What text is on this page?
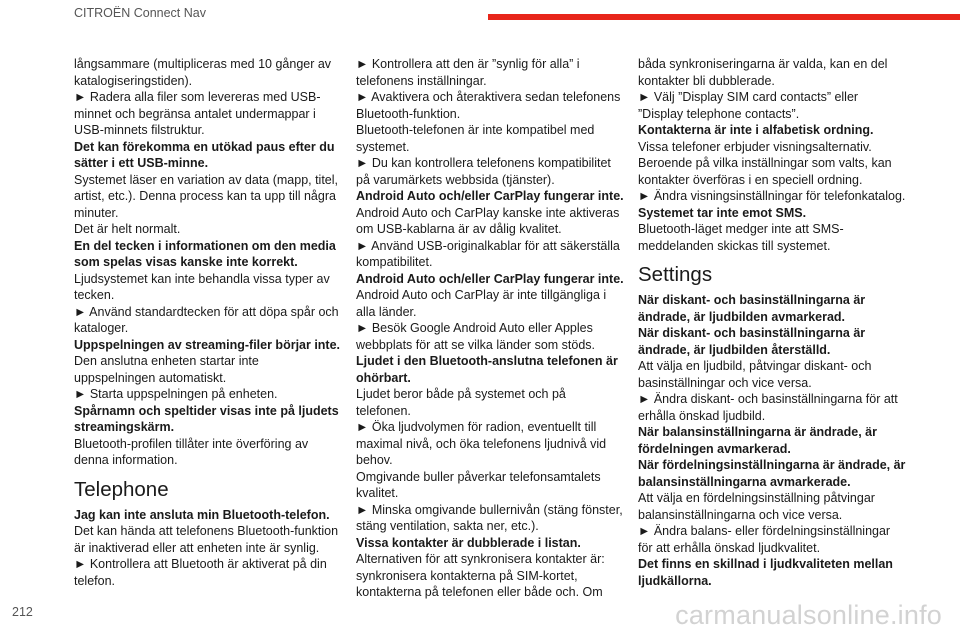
CITROËN Connect Nav

långsammare (multipliceras med 10 gånger av katalogiseringstiden).

► Radera alla filer som levereras med USB-minnet och begränsa antalet undermappar i USB-minnets filstruktur.

Det kan förekomma en utökad paus efter du sätter i ett USB-minne.

Systemet läser en variation av data (mapp, titel, artist, etc.). Denna process kan ta upp till några minuter.

Det är helt normalt.

En del tecken i informationen om den media som spelas visas kanske inte korrekt.

Ljudsystemet kan inte behandla vissa typer av tecken.

► Använd standardtecken för att döpa spår och kataloger.

Uppspelningen av streaming-filer börjar inte.

Den anslutna enheten startar inte uppspelningen automatiskt.

► Starta uppspelningen på enheten.

Spårnamn och speltider visas inte på ljudets streamingskärm.

Bluetooth-profilen tillåter inte överföring av denna information.

Telephone

Jag kan inte ansluta min Bluetooth-telefon.

Det kan hända att telefonens Bluetooth-funktion är inaktiverad eller att enheten inte är synlig.

► Kontrollera att Bluetooth är aktiverat på din telefon.

► Kontrollera att den är ”synlig för alla” i telefonens inställningar.

► Avaktivera och återaktivera sedan telefonens Bluetooth-funktion.

Bluetooth-telefonen är inte kompatibel med systemet.

► Du kan kontrollera telefonens kompatibilitet på varumärkets webbsida (tjänster).

Android Auto och/eller CarPlay fungerar inte.

Android Auto och CarPlay kanske inte aktiveras om USB-kablarna är av dålig kvalitet.

► Använd USB-originalkablar för att säkerställa kompatibilitet.

Android Auto och/eller CarPlay fungerar inte.

Android Auto och CarPlay är inte tillgängliga i alla länder.

► Besök Google Android Auto eller Apples webbplats för att se vilka länder som stöds.

Ljudet i den Bluetooth-anslutna telefonen är ohörbart.

Ljudet beror både på systemet och på telefonen.

► Öka ljudvolymen för radion, eventuellt till maximal nivå, och öka telefonens ljudnivå vid behov.

Omgivande buller påverkar telefonsamtalets kvalitet.

► Minska omgivande bullernivån (stäng fönster, stäng ventilation, sakta ner, etc.).

Vissa kontakter är dubblerade i listan.

Alternativen för att synkronisera kontakter är: synkronisera kontakterna på SIM-kortet, kontakterna på telefonen eller både och. Om

båda synkroniseringarna är valda, kan en del kontakter bli dubblerade.

► Välj ”Display SIM card contacts” eller ”Display telephone contacts”.

Kontakterna är inte i alfabetisk ordning.

Vissa telefoner erbjuder visningsalternativ. Beroende på vilka inställningar som valts, kan kontakter överföras i en speciell ordning.

► Ändra visningsinställningar för telefonkatalog.

Systemet tar inte emot SMS.

Bluetooth-läget medger inte att SMS-meddelanden skickas till systemet.

Settings

När diskant- och basinställningarna är ändrade, är ljudbilden avmarkerad.

När diskant- och basinställningarna är ändrade, är ljudbilden återställd.

Att välja en ljudbild, påtvingar diskant- och basinställningar och vice versa.

► Ändra diskant- och basinställningarna för att erhålla önskad ljudbild.

När balansinställningarna är ändrade, är fördelningen avmarkerad.

När fördelningsinställningarna är ändrade, är balansinställningarna avmarkerade.

Att välja en fördelningsinställning påtvingar balansinställningarna och vice versa.

► Ändra balans- eller fördelningsinställningar för att erhålla önskad ljudkvalitet.

Det finns en skillnad i ljudkvaliteten mellan ljudkällorna.

212	carmanualsonline.info
